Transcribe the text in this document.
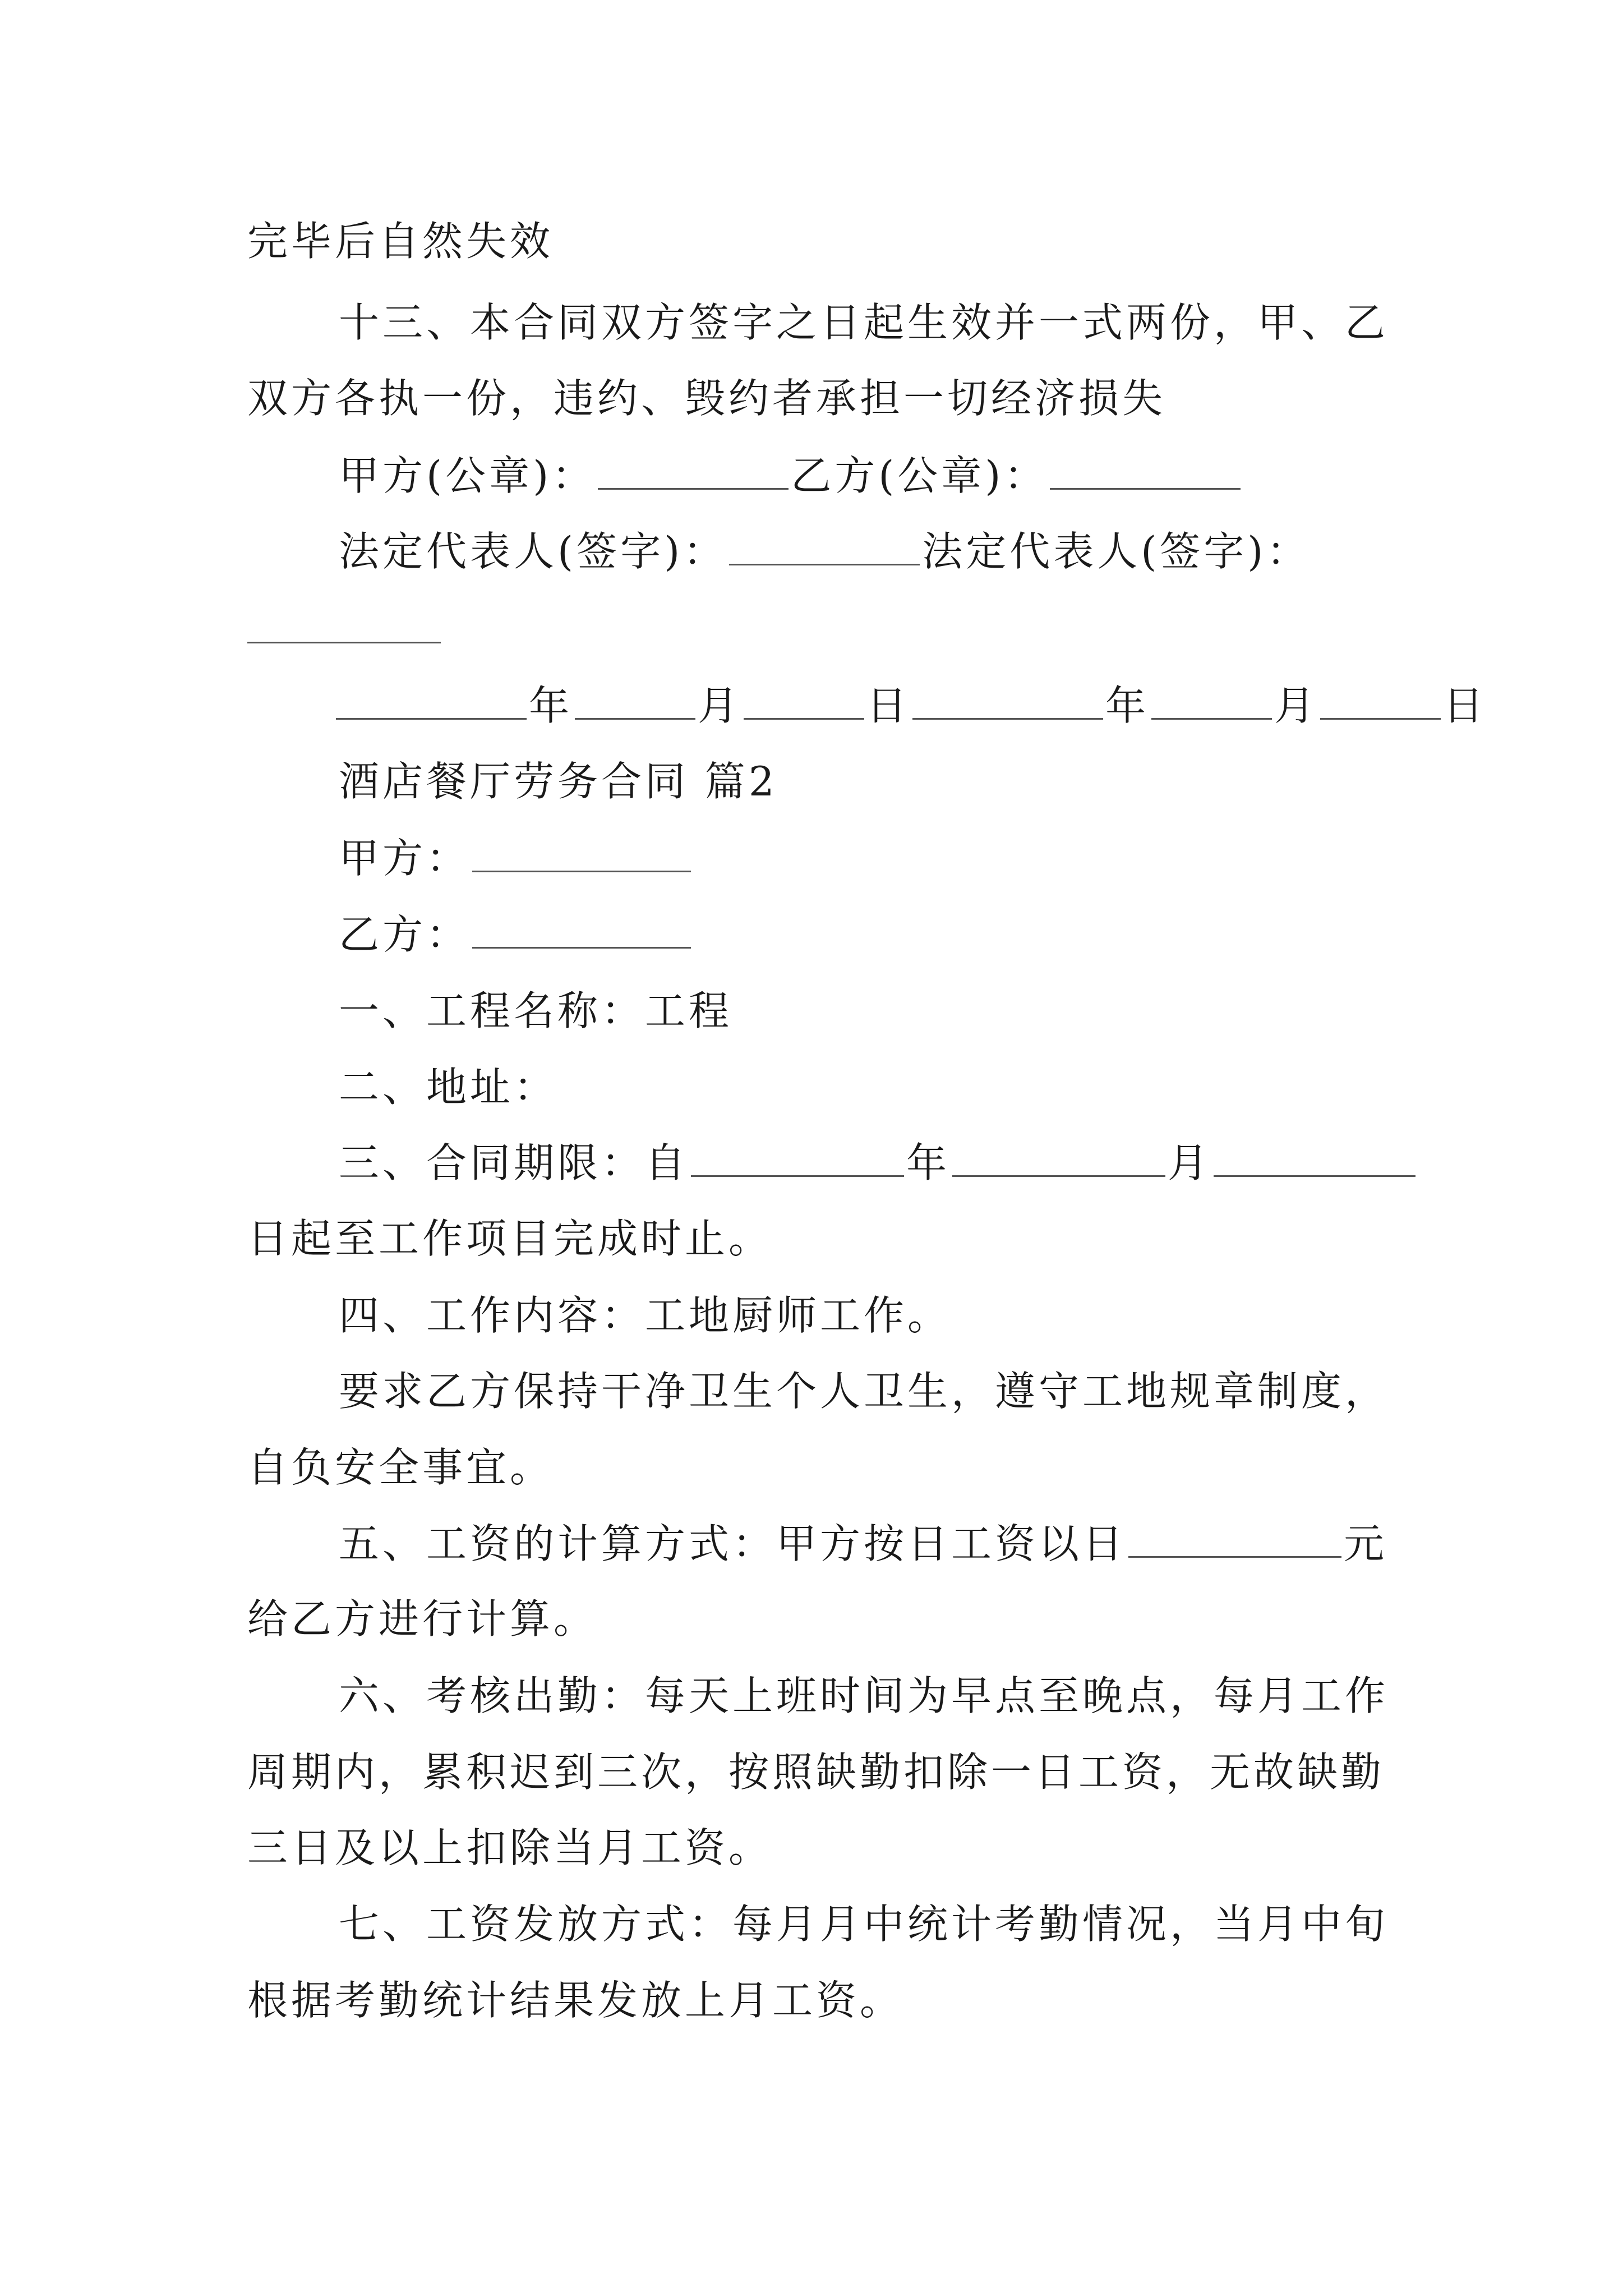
完毕后自然失效
十三、本合同双方签字之日起生效并一式两份，甲、乙
双方各执一份，违约、毁约者承担一切经济损失
甲方(公章)：	乙方(公章)：
法定代表人(签字)：	法定代表人(签字)：
年	月	日	年	月	日
酒店餐厅劳务合同 篇2
甲方：
乙方：
一、工程名称：工程
二、地址：
三、合同期限：自	年	月
日起至工作项目完成时止。
四、工作内容：工地厨师工作。
要求乙方保持干净卫生个人卫生，遵守工地规章制度，
自负安全事宜。
五、工资的计算方式：甲方按日工资以日	元
给乙方进行计算。
六、考核出勤：每天上班时间为早点至晚点，每月工作
周期内，累积迟到三次，按照缺勤扣除一日工资，无故缺勤
三日及以上扣除当月工资。
七、工资发放方式：每月月中统计考勤情况，当月中旬
根据考勤统计结果发放上月工资。
